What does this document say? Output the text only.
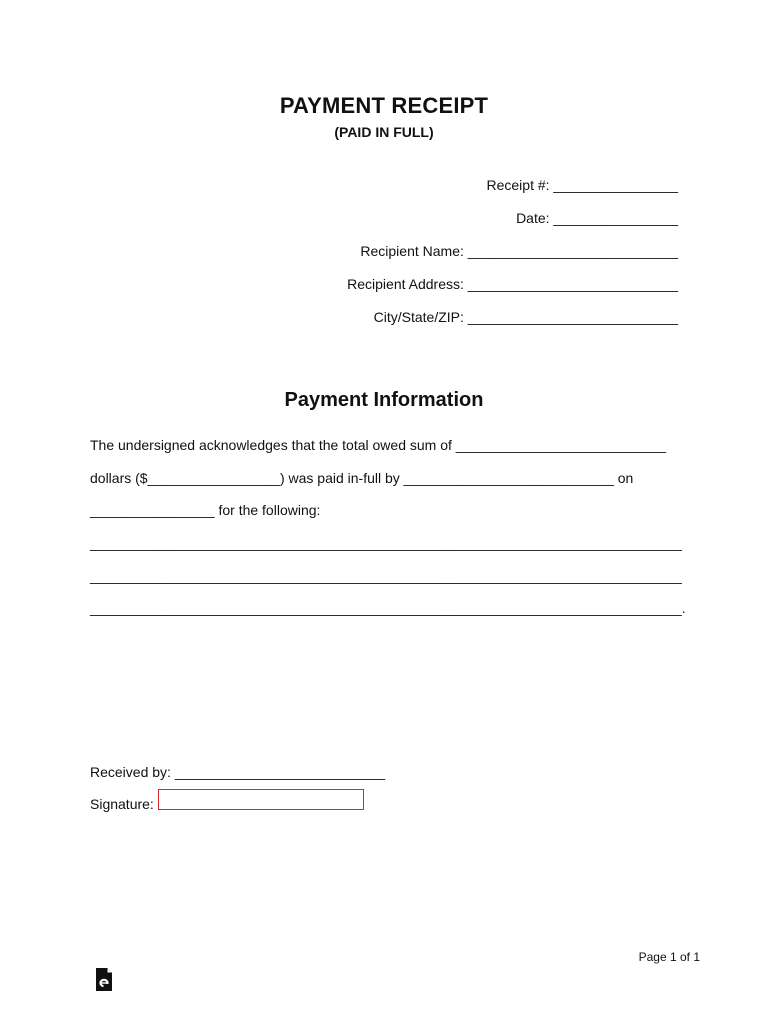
PAYMENT RECEIPT
(PAID IN FULL)
Receipt #: ________________
Date: ________________
Recipient Name: ___________________________
Recipient Address: ___________________________
City/State/ZIP: ___________________________
Payment Information
The undersigned acknowledges that the total owed sum of ___________________________
dollars ($_________________) was paid in-full by ___________________________ on
________________ for the following:
____________________________________________________________________________
____________________________________________________________________________
____________________________________________________________________________.
Received by: ___________________________
Signature:
Page 1 of 1
